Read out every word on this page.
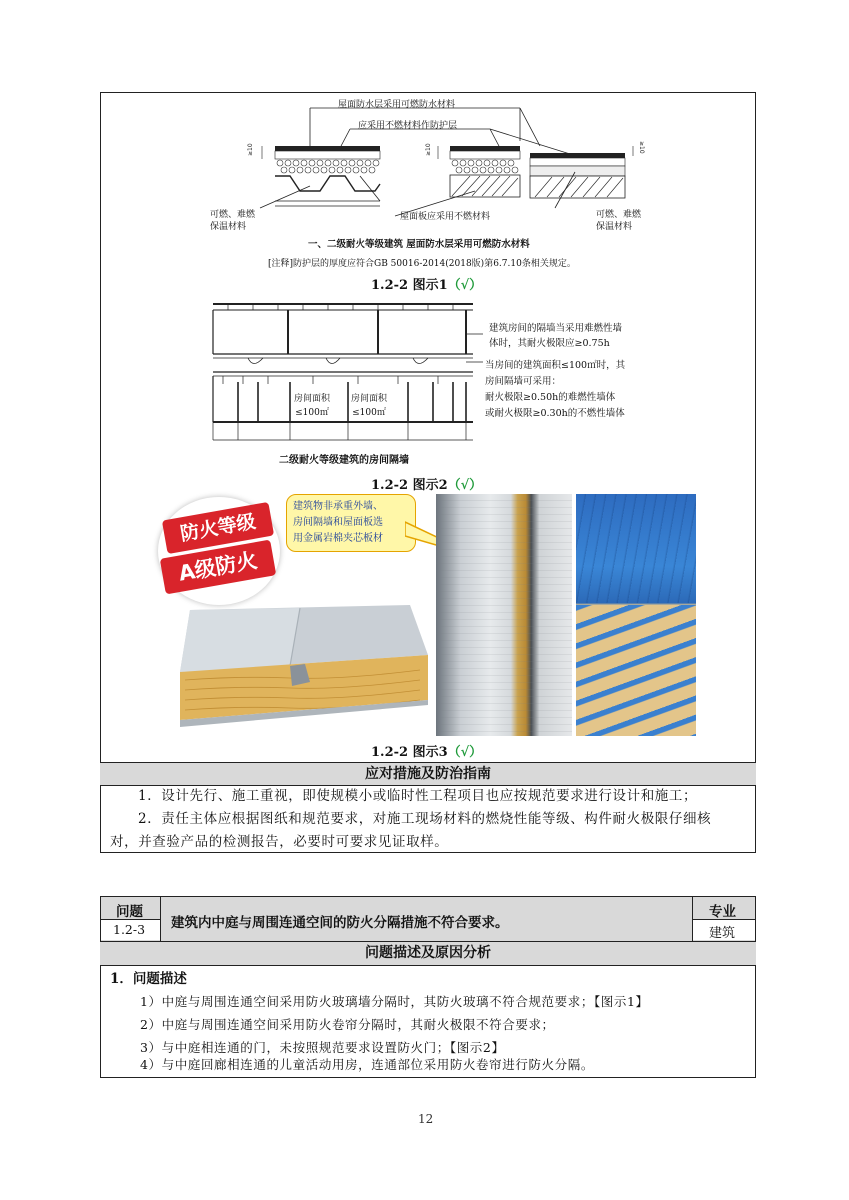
≥10	≥10	≥10
屋面防水层采用可燃防水材料
应采用不燃材料作防护层
可燃、难燃
保温材料
屋面板应采用不燃材料	可燃、难燃
保温材料
一、二级耐火等级建筑 屋面防水层采用可燃防水材料
[注释]防护层的厚度应符合GB 50016-2014(2018版)第6.7.10条相关规定。
1.2-2 图示1（√）
建筑房间的隔墙当采用难燃性墙
体时，其耐火极限应≥0.75h
当房间的建筑面积≤100㎡时，其
房间隔墙可采用：
耐火极限≥0.50h的难燃性墙体
或耐火极限≥0.30h的不燃性墙体
房间面积
≤100㎡
房间面积
≤100㎡
二级耐火等级建筑的房间隔墙
1.2-2 图示2（√）
防火等级
A级防火
建筑物非承重外墙、
房间隔墙和屋面板选
用金属岩棉夹芯板材
1.2-2 图示3（√）
应对措施及防治指南
1．设计先行、施工重视，即使规模小或临时性工程项目也应按规范要求进行设计和施工；
2．责任主体应根据图纸和规范要求，对施工现场材料的燃烧性能等级、构件耐火极限仔细核
对，并查验产品的检测报告，必要时可要求见证取样。
问题
1.2-3 建筑内中庭与周围连通空间的防火分隔措施不符合要求。
专业
建筑
问题描述及原因分析
1．问题描述
1）中庭与周围连通空间采用防火玻璃墙分隔时，其防火玻璃不符合规范要求；【图示1】
2）中庭与周围连通空间采用防火卷帘分隔时，其耐火极限不符合要求；
3）与中庭相连通的门，未按照规范要求设置防火门；【图示2】
4）与中庭回廊相连通的儿童活动用房，连通部位采用防火卷帘进行防火分隔。
12
